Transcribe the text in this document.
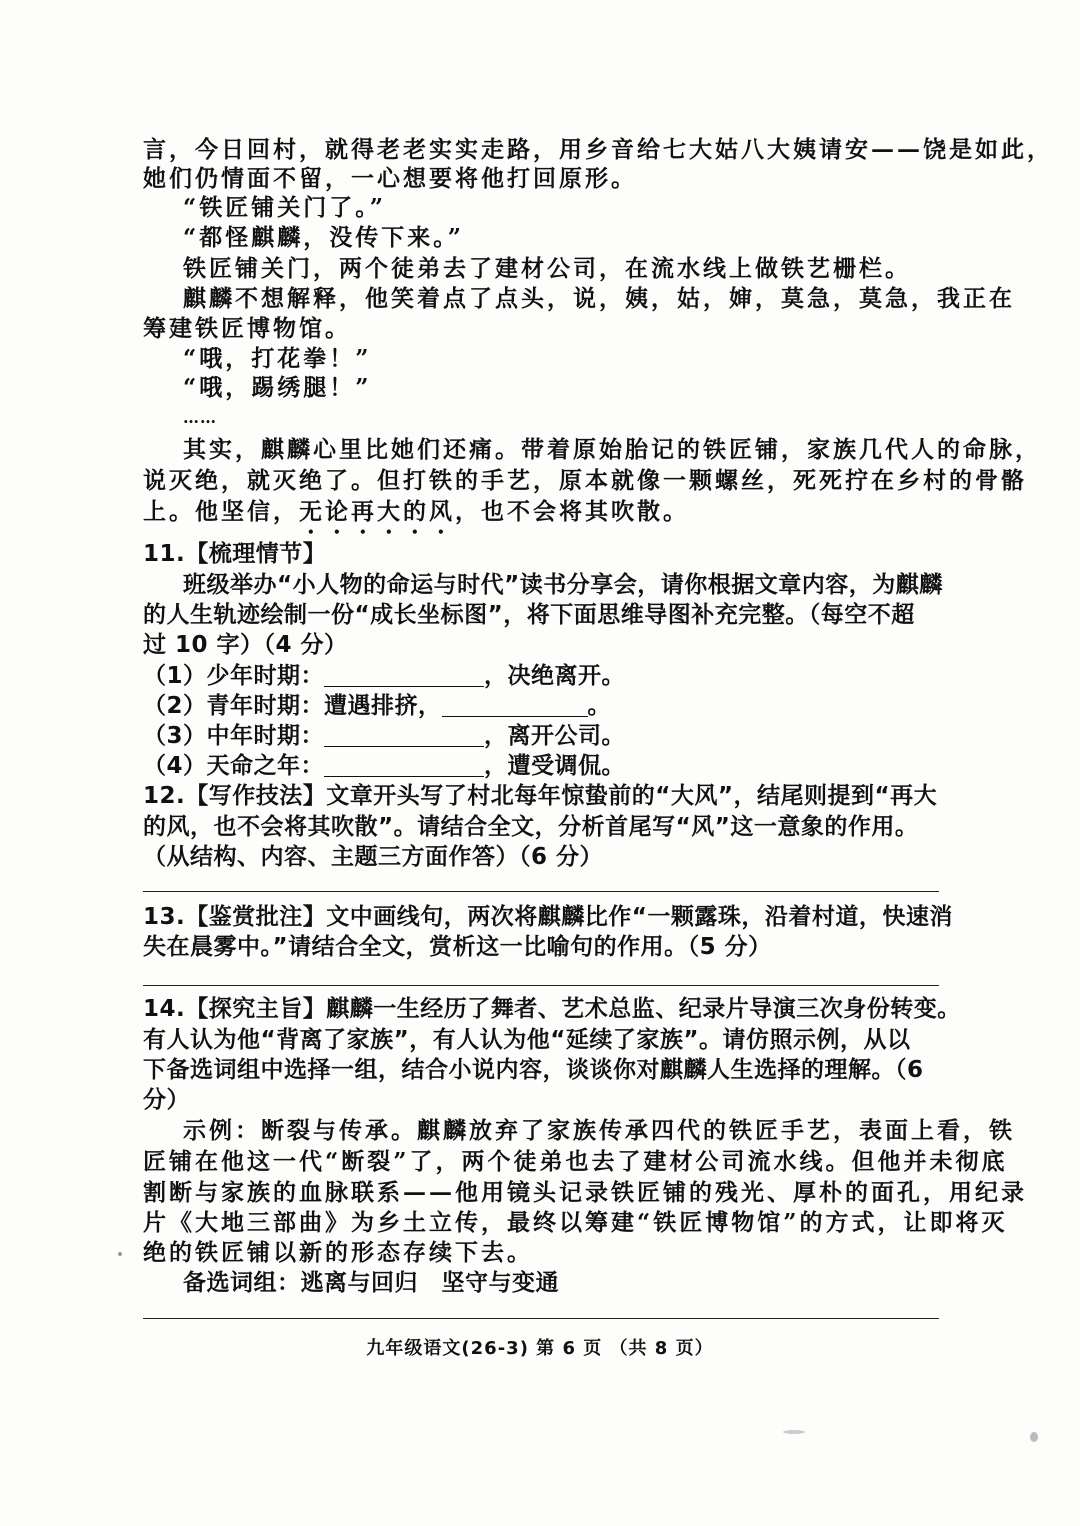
言，今日回村，就得老老实实走路，用乡音给七大姑八大姨请安——饶是如此，
她们仍情面不留，一心想要将他打回原形。
“铁匠铺关门了。”
“都怪麒麟，没传下来。”
铁匠铺关门，两个徒弟去了建材公司，在流水线上做铁艺栅栏。
麒麟不想解释，他笑着点了点头，说，姨，姑，婶，莫急，莫急，我正在
筹建铁匠博物馆。
“哦，打花拳！”
“哦，踢绣腿！”
……
其实，麒麟心里比她们还痛。带着原始胎记的铁匠铺，家族几代人的命脉，
说灭绝，就灭绝了。但打铁的手艺，原本就像一颗螺丝，死死拧在乡村的骨骼
上。他坚信，无论再大的风，也不会将其吹散。
11.【梳理情节】
班级举办“小人物的命运与时代”读书分享会，请你根据文章内容，为麒麟
的人生轨迹绘制一份“成长坐标图”，将下面思维导图补充完整。（每空不超
过 10 字）（4 分）
（1）少年时期：	，决绝离开。
（2）青年时期：遭遇排挤，	。
（3）中年时期：	，离开公司。
（4）天命之年：	，遭受调侃。
12.【写作技法】文章开头写了村北每年惊蛰前的“大风”，结尾则提到“再大
的风，也不会将其吹散”。请结合全文，分析首尾写“风”这一意象的作用。
（从结构、内容、主题三方面作答）（6 分）
13.【鉴赏批注】文中画线句，两次将麒麟比作“一颗露珠，沿着村道，快速消
失在晨雾中。”请结合全文，赏析这一比喻句的作用。（5 分）
14.【探究主旨】麒麟一生经历了舞者、艺术总监、纪录片导演三次身份转变。
有人认为他“背离了家族”，有人认为他“延续了家族”。请仿照示例，从以
下备选词组中选择一组，结合小说内容，谈谈你对麒麟人生选择的理解。（6
分）
示例：断裂与传承。麒麟放弃了家族传承四代的铁匠手艺，表面上看，铁
匠铺在他这一代“断裂”了，两个徒弟也去了建材公司流水线。但他并未彻底
割断与家族的血脉联系——他用镜头记录铁匠铺的残光、厚朴的面孔，用纪录
片《大地三部曲》为乡土立传，最终以筹建“铁匠博物馆”的方式，让即将灭
绝的铁匠铺以新的形态存续下去。
备选词组：逃离与回归　坚守与变通
九年级语文(26-3) 第 6 页 （共 8 页）
